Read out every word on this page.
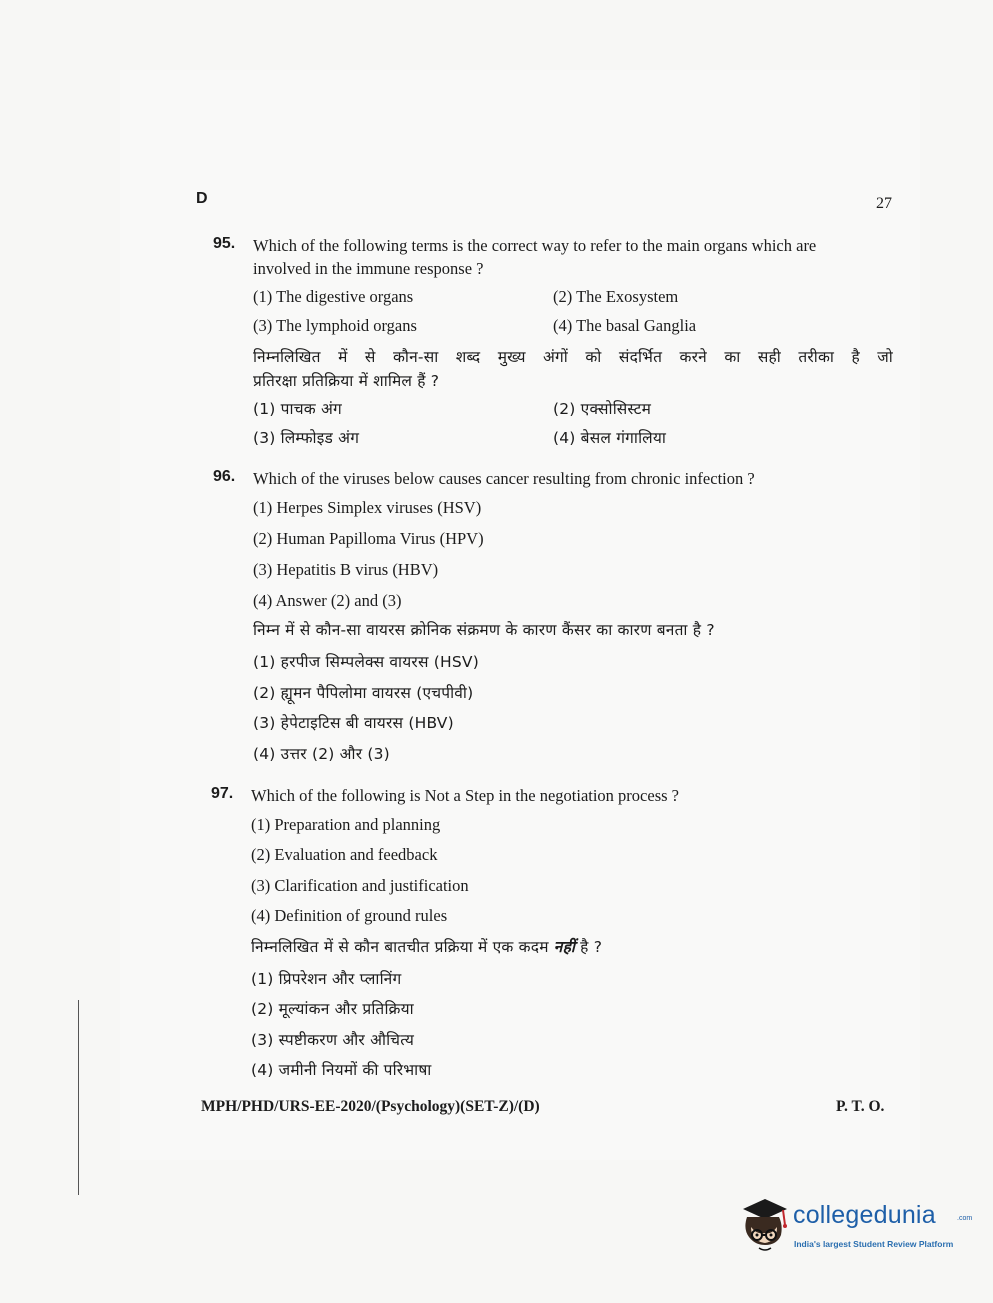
D	27
95. Which of the following terms is the correct way to refer to the main organs which are
involved in the immune response ?
(1) The digestive organs	(2) The Exosystem
(3) The lymphoid organs	(4) The basal Ganglia
निम्नलिखित में से कौन-सा शब्द मुख्य अंगों को संदर्भित करने का सही तरीका है जो
प्रतिरक्षा प्रतिक्रिया में शामिल हैं ?
(1) पाचक अंग	(2) एक्सोसिस्टम
(3) लिम्फोइड अंग	(4) बेसल गंगालिया
96. Which of the viruses below causes cancer resulting from chronic infection ?
(1) Herpes Simplex viruses (HSV)
(2) Human Papilloma Virus (HPV)
(3) Hepatitis B virus (HBV)
(4) Answer (2) and (3)
निम्न में से कौन-सा वायरस क्रोनिक संक्रमण के कारण कैंसर का कारण बनता है ?
(1) हरपीज सिम्पलेक्स वायरस (HSV)
(2) ह्यूमन पैपिलोमा वायरस (एचपीवी)
(3) हेपेटाइटिस बी वायरस (HBV)
(4) उत्तर (2) और (3)
97. Which of the following is Not a Step in the negotiation process ?
(1) Preparation and planning
(2) Evaluation and feedback
(3) Clarification and justification
(4) Definition of ground rules
निम्नलिखित में से कौन बातचीत प्रक्रिया में एक कदम नहीं है ?
(1) प्रिपरेशन और प्लानिंग
(2) मूल्यांकन और प्रतिक्रिया
(3) स्पष्टीकरण और औचित्य
(4) जमीनी नियमों की परिभाषा
MPH/PHD/URS-EE-2020/(Psychology)(SET-Z)/(D)	P. T. O.
collegedunia	.com
India's largest Student Review Platform
